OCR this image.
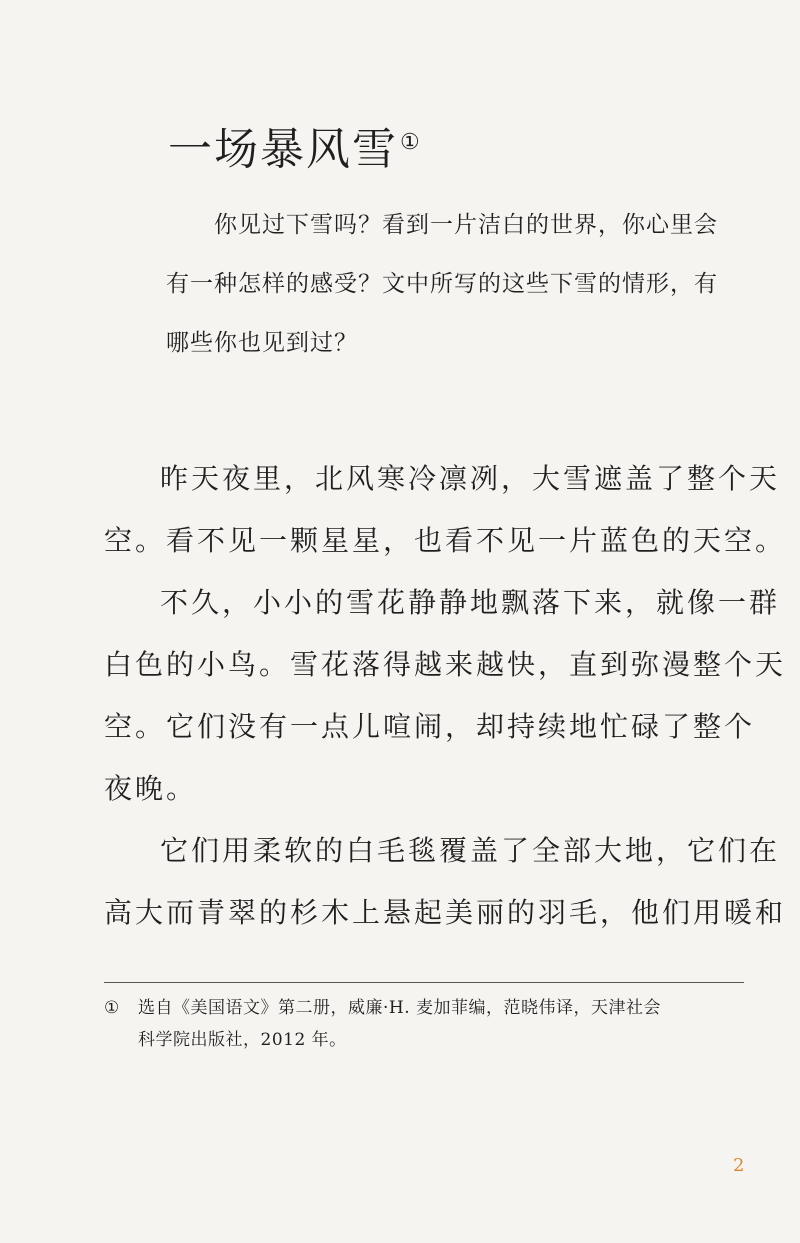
一场暴风雪①
你见过下雪吗？看到一片洁白的世界，你心里会
有一种怎样的感受？文中所写的这些下雪的情形，有
哪些你也见到过？
昨天夜里，北风寒冷凛冽，大雪遮盖了整个天
空。看不见一颗星星，也看不见一片蓝色的天空。
不久，小小的雪花静静地飘落下来，就像一群
白色的小鸟。雪花落得越来越快，直到弥漫整个天
空。它们没有一点儿喧闹，却持续地忙碌了整个
夜晚。
它们用柔软的白毛毯覆盖了全部大地，它们在
高大而青翠的杉木上悬起美丽的羽毛，他们用暖和
① 选自《美国语文》第二册，威廉·H. 麦加菲编，范晓伟译，天津社会
科学院出版社，2012 年。
2
